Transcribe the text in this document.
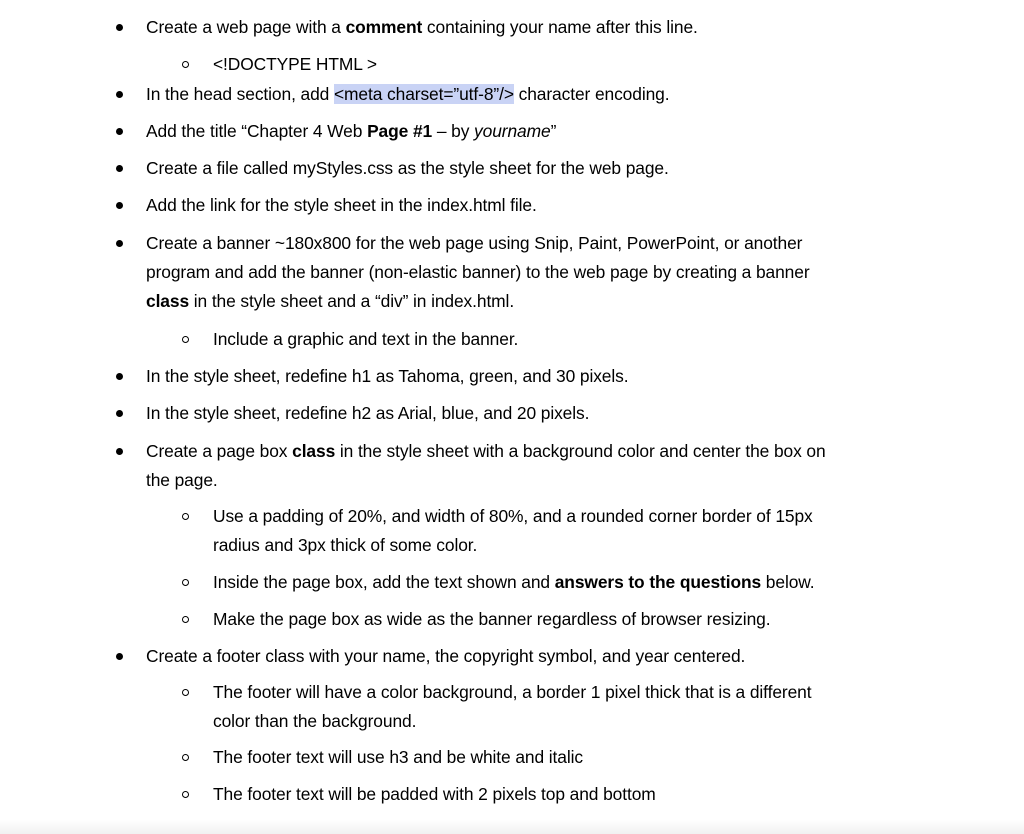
Create a web page with a comment containing your name after this line.
<!DOCTYPE HTML >
In the head section, add <meta charset=”utf-8”/> character encoding.
Add the title “Chapter 4 Web Page #1 – by yourname”
Create a file called myStyles.css as the style sheet for the web page.
Add the link for the style sheet in the index.html file.
Create a banner ~180x800 for the web page using Snip, Paint, PowerPoint, or another
program and add the banner (non-elastic banner) to the web page by creating a banner
class in the style sheet and a “div” in index.html.
Include a graphic and text in the banner.
In the style sheet, redefine h1 as Tahoma, green, and 30 pixels.
In the style sheet, redefine h2 as Arial, blue, and 20 pixels.
Create a page box class in the style sheet with a background color and center the box on
the page.
Use a padding of 20%, and width of 80%, and a rounded corner border of 15px
radius and 3px thick of some color.
Inside the page box, add the text shown and answers to the questions below.
Make the page box as wide as the banner regardless of browser resizing.
Create a footer class with your name, the copyright symbol, and year centered.
The footer will have a color background, a border 1 pixel thick that is a different
color than the background.
The footer text will use h3 and be white and italic
The footer text will be padded with 2 pixels top and bottom
